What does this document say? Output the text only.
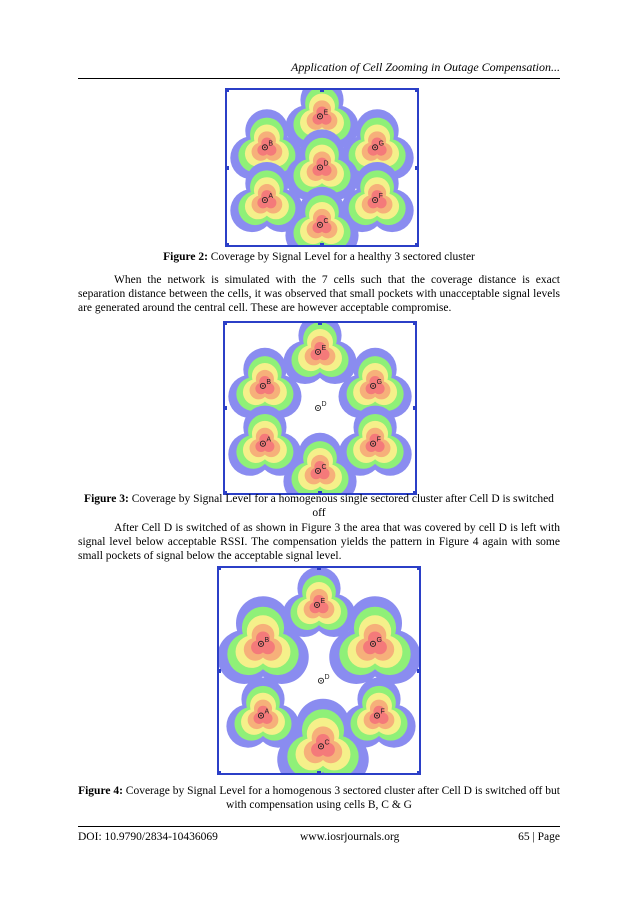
Application of Cell Zooming in Outage Compensation...
E
B	G
D
A	F
C
Figure 2: Coverage by Signal Level for a healthy 3 sectored cluster
When the network is simulated with the 7 cells such that the coverage distance is exact separation distance between the cells, it was observed that small pockets with unacceptable signal levels are generated around the central cell. These are however acceptable compromise.
E
B	G
D
A	F
C
Figure 3: Coverage by Signal Level for a homogenous single sectored cluster after Cell D is switched off
After Cell D is switched of as shown in Figure 3 the area that was covered by cell D is left with signal level below acceptable RSSI. The compensation yields the pattern in Figure 4 again with some small pockets of signal below the acceptable signal level.
E
B	G
D
A	F
C
Figure 4: Coverage by Signal Level for a homogenous 3 sectored cluster after Cell D is switched off but with compensation using cells B, C & G
DOI: 10.9790/2834-10436069	www.iosrjournals.org	65 | Page
